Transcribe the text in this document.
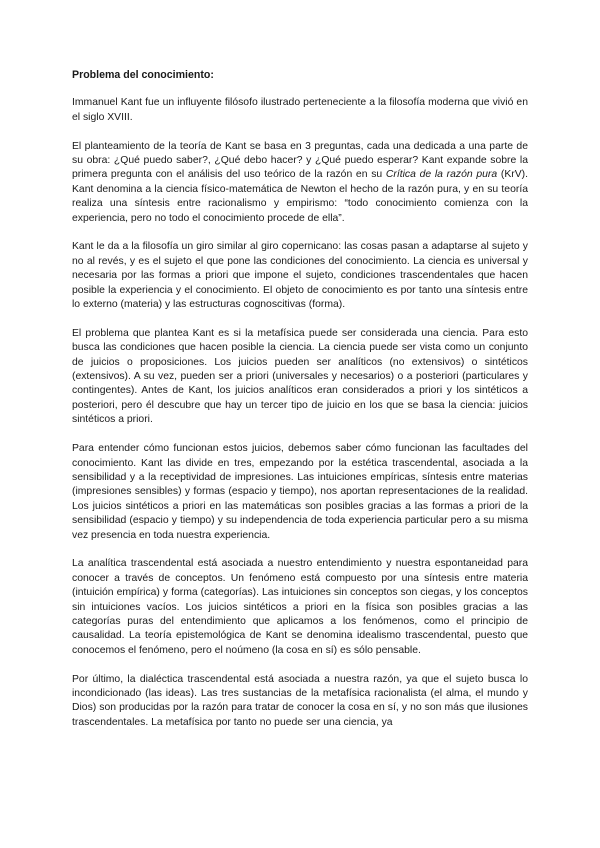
Problema del conocimiento:

Immanuel Kant fue un influyente filósofo ilustrado perteneciente a la filosofía moderna que vivió en el siglo XVIII.

El planteamiento de la teoría de Kant se basa en 3 preguntas, cada una dedicada a una parte de su obra: ¿Qué puedo saber?, ¿Qué debo hacer? y ¿Qué puedo esperar? Kant expande sobre la primera pregunta con el análisis del uso teórico de la razón en su Crítica de la razón pura (KrV). Kant denomina a la ciencia físico-matemática de Newton el hecho de la razón pura, y en su teoría realiza una síntesis entre racionalismo y empirismo: “todo conocimiento comienza con la experiencia, pero no todo el conocimiento procede de ella”.

Kant le da a la filosofía un giro similar al giro copernicano: las cosas pasan a adaptarse al sujeto y no al revés, y es el sujeto el que pone las condiciones del conocimiento. La ciencia es universal y necesaria por las formas a priori que impone el sujeto, condiciones trascendentales que hacen posible la experiencia y el conocimiento. El objeto de conocimiento es por tanto una síntesis entre lo externo (materia) y las estructuras cognoscitivas (forma).

El problema que plantea Kant es si la metafísica puede ser considerada una ciencia. Para esto busca las condiciones que hacen posible la ciencia. La ciencia puede ser vista como un conjunto de juicios o proposiciones. Los juicios pueden ser analíticos (no extensivos) o sintéticos (extensivos). A su vez, pueden ser a priori (universales y necesarios) o a posteriori (particulares y contingentes). Antes de Kant, los juicios analíticos eran considerados a priori y los sintéticos a posteriori, pero él descubre que hay un tercer tipo de juicio en los que se basa la ciencia: juicios sintéticos a priori.

Para entender cómo funcionan estos juicios, debemos saber cómo funcionan las facultades del conocimiento. Kant las divide en tres, empezando por la estética trascendental, asociada a la sensibilidad y a la receptividad de impresiones. Las intuiciones empíricas, síntesis entre materias (impresiones sensibles) y formas (espacio y tiempo), nos aportan representaciones de la realidad. Los juicios sintéticos a priori en las matemáticas son posibles gracias a las formas a priori de la sensibilidad (espacio y tiempo) y su independencia de toda experiencia particular pero a su misma vez presencia en toda nuestra experiencia.

La analítica trascendental está asociada a nuestro entendimiento y nuestra espontaneidad para conocer a través de conceptos. Un fenómeno está compuesto por una síntesis entre materia (intuición empírica) y forma (categorías). Las intuiciones sin conceptos son ciegas, y los conceptos sin intuiciones vacíos. Los juicios sintéticos a priori en la física son posibles gracias a las categorías puras del entendimiento que aplicamos a los fenómenos, como el principio de causalidad. La teoría epistemológica de Kant se denomina idealismo trascendental, puesto que conocemos el fenómeno, pero el noúmeno (la cosa en sí) es sólo pensable.

Por último, la dialéctica trascendental está asociada a nuestra razón, ya que el sujeto busca lo incondicionado (las ideas). Las tres sustancias de la metafísica racionalista (el alma, el mundo y Dios) son producidas por la razón para tratar de conocer la cosa en sí, y no son más que ilusiones trascendentales. La metafísica por tanto no puede ser una ciencia, ya
